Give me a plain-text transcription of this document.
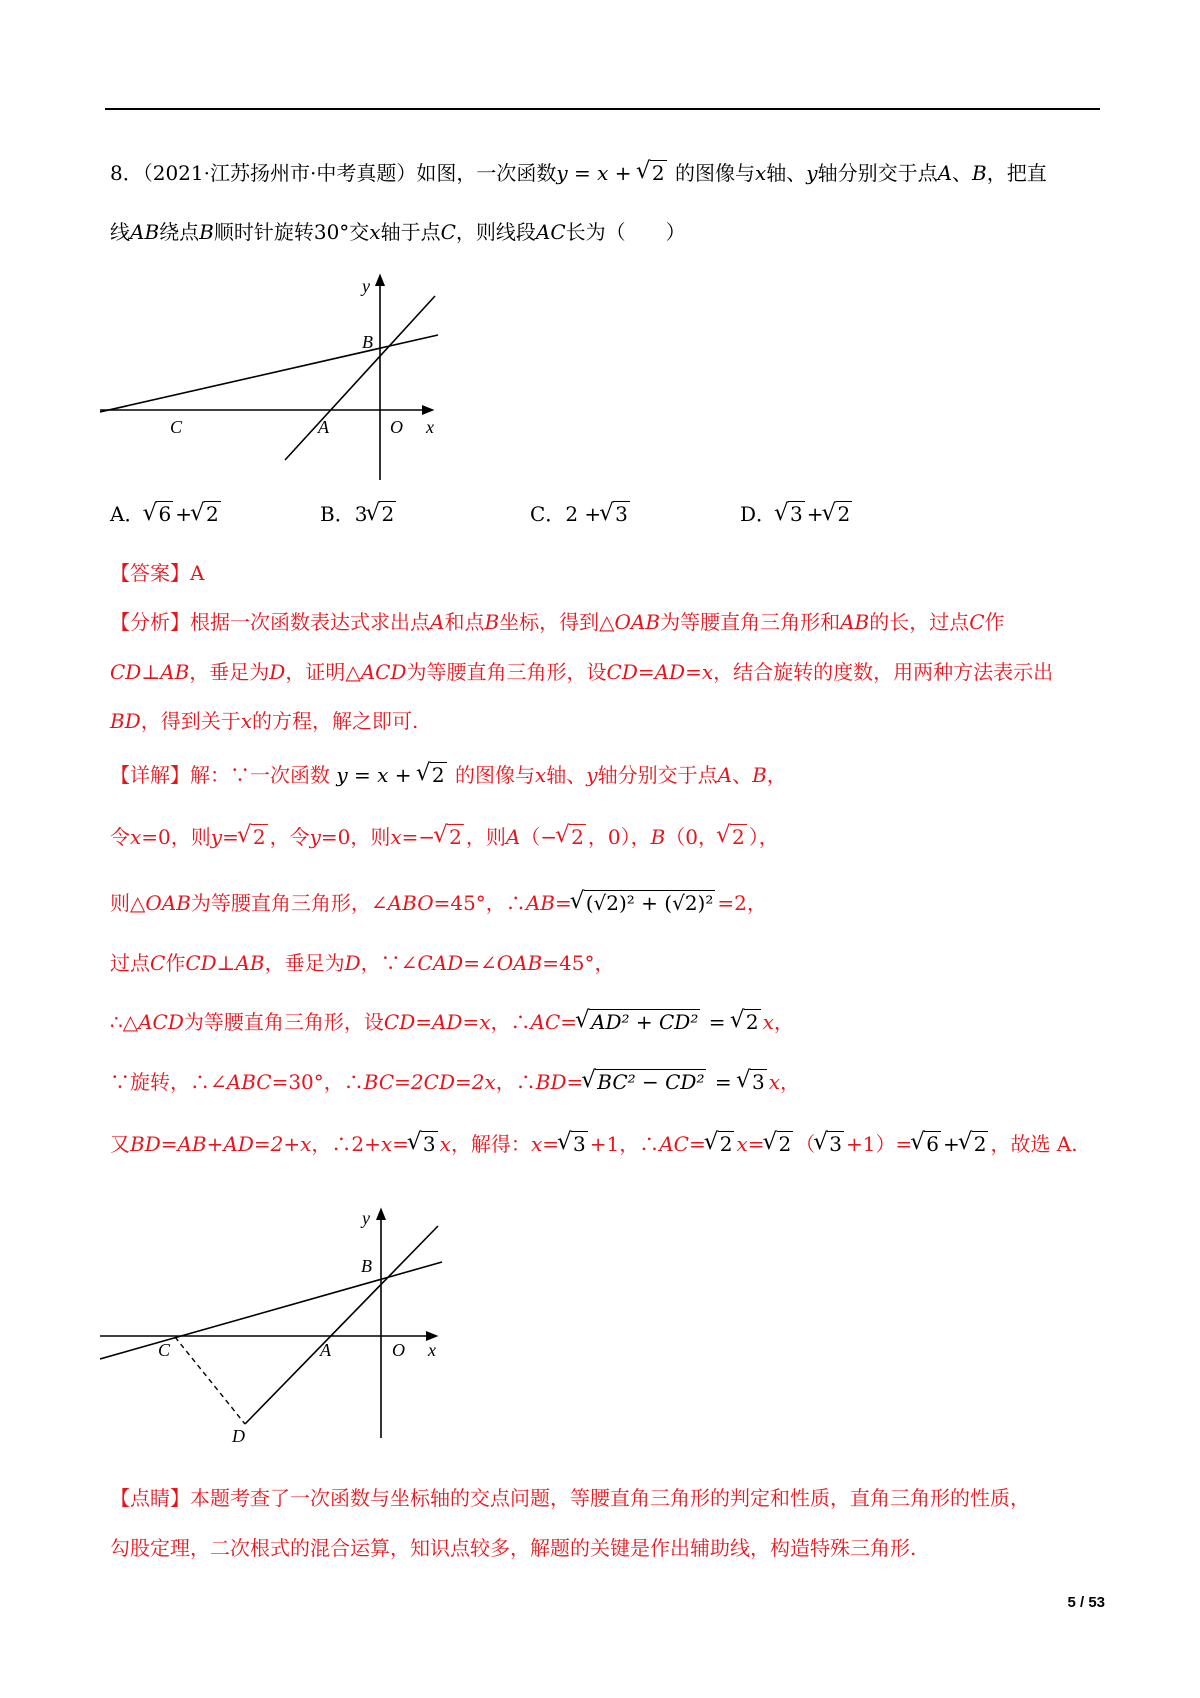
8．（2021·江苏扬州市·中考真题）如图，一次函数y = x + √ 2 的图像与x轴、y轴分别交于点A、B，把直
线AB绕点B顺时针旋转30°交x轴于点C，则线段AC长为（　　）
y
B
C	A	O x
A． √ 6 + √ 2	B．3 √ 2	C．2 + √ 3	D． √ 3 + √ 2
【答案】A
【分析】根据一次函数表达式求出点A和点B坐标，得到△OAB为等腰直角三角形和AB的长，过点C作
CD⊥AB，垂足为D，证明△ACD为等腰直角三角形，设CD=AD=x，结合旋转的度数，用两种方法表示出
BD，得到关于x的方程，解之即可.
【详解】解：∵一次函数 y = x + √ 2 的图像与x轴、y轴分别交于点A、B，
令x=0，则y= √ 2 ，令y=0，则x=− √ 2 ，则A（− √ 2 ，0），B（0， √ 2 ），
则△OAB为等腰直角三角形，∠ABO=45°，∴AB= √ (√2)² + (√2)² =2，
过点C作CD⊥AB，垂足为D，∵∠CAD=∠OAB=45°，
∴△ACD为等腰直角三角形，设CD=AD=x，∴AC= √ AD² + CD² = √ 2 x，
∵旋转，∴∠ABC=30°，∴BC=2CD=2x，∴BD= √ BC² − CD² = √ 3 x，
又BD=AB+AD=2+x，∴2+x= √ 3 x，解得：x= √ 3 +1，∴AC= √ 2 x= √ 2 （ √ 3 +1）= √ 6 + √ 2 ，故选 A.
y
B
C	A	O x
D
【点睛】本题考查了一次函数与坐标轴的交点问题，等腰直角三角形的判定和性质，直角三角形的性质，
勾股定理，二次根式的混合运算，知识点较多，解题的关键是作出辅助线，构造特殊三角形.
5 / 53
